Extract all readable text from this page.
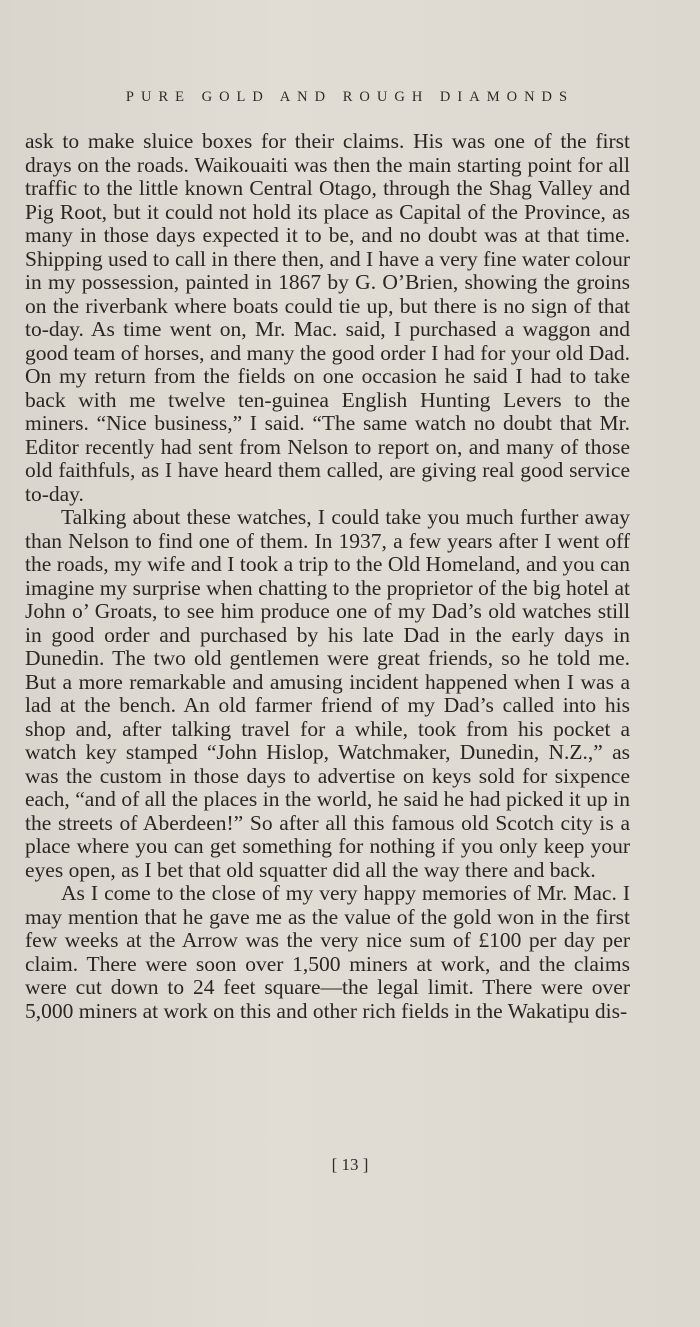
PURE GOLD AND ROUGH DIAMONDS

ask to make sluice boxes for their claims. His was one of the first drays on the roads. Waikouaiti was then the main starting point for all traffic to the little known Central Otago, through the Shag Valley and Pig Root, but it could not hold its place as Capital of the Province, as many in those days expected it to be, and no doubt was at that time. Shipping used to call in there then, and I have a very fine water colour in my possession, painted in 1867 by G. O’Brien, showing the groins on the riverbank where boats could tie up, but there is no sign of that to-day. As time went on, Mr. Mac. said, I purchased a waggon and good team of horses, and many the good order I had for your old Dad. On my return from the fields on one occasion he said I had to take back with me twelve ten-guinea English Hunting Levers to the miners. “Nice business,” I said. “The same watch no doubt that Mr. Editor recently had sent from Nelson to report on, and many of those old faithfuls, as I have heard them called, are giving real good service to-day.

Talking about these watches, I could take you much further away than Nelson to find one of them. In 1937, a few years after I went off the roads, my wife and I took a trip to the Old Homeland, and you can imagine my surprise when chatting to the proprietor of the big hotel at John o’ Groats, to see him produce one of my Dad’s old watches still in good order and purchased by his late Dad in the early days in Dunedin. The two old gentlemen were great friends, so he told me. But a more remarkable and amusing incident happened when I was a lad at the bench. An old farmer friend of my Dad’s called into his shop and, after talking travel for a while, took from his pocket a watch key stamped “John Hislop, Watchmaker, Dunedin, N.Z.,” as was the custom in those days to advertise on keys sold for sixpence each, “and of all the places in the world, he said he had picked it up in the streets of Aberdeen!” So after all this famous old Scotch city is a place where you can get something for nothing if you only keep your eyes open, as I bet that old squatter did all the way there and back.

As I come to the close of my very happy memories of Mr. Mac. I may mention that he gave me as the value of the gold won in the first few weeks at the Arrow was the very nice sum of £100 per day per claim. There were soon over 1,500 miners at work, and the claims were cut down to 24 feet square—the legal limit. There were over 5,000 miners at work on this and other rich fields in the Wakatipu dis-

[ 13 ]
